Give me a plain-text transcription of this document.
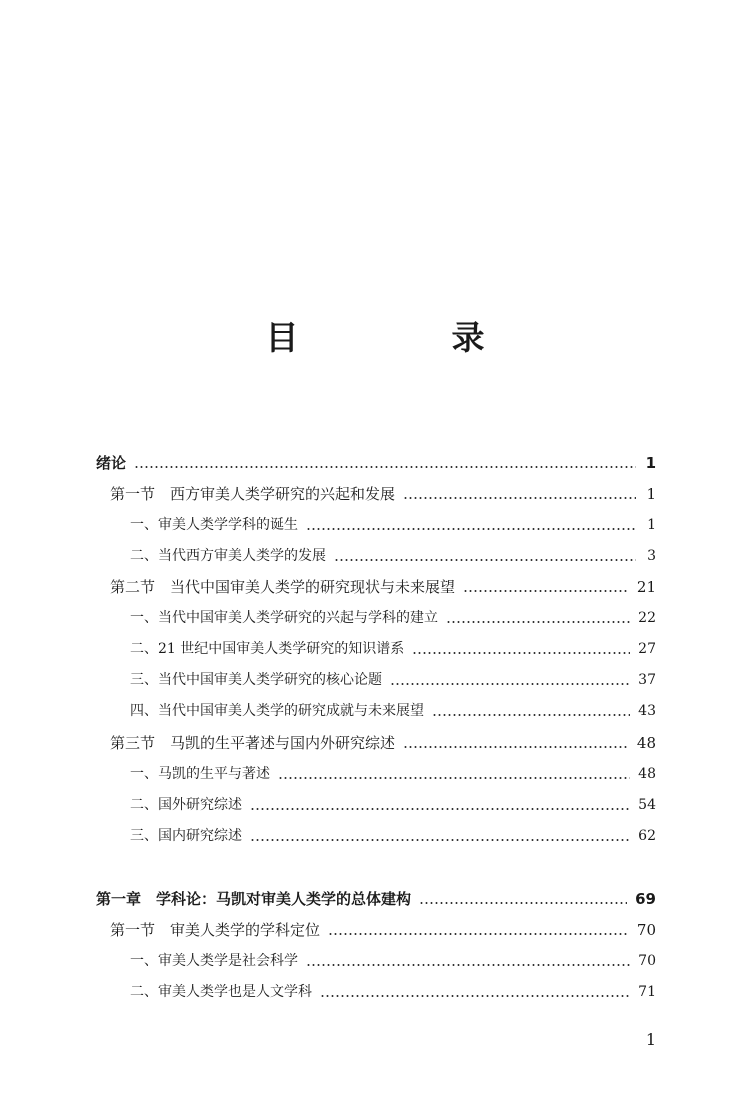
目　录
绪论	1
第一节　西方审美人类学研究的兴起和发展	1
一、审美人类学学科的诞生	1
二、当代西方审美人类学的发展	3
第二节　当代中国审美人类学的研究现状与未来展望	21
一、当代中国审美人类学研究的兴起与学科的建立	22
二、21 世纪中国审美人类学研究的知识谱系	27
三、当代中国审美人类学研究的核心论题	37
四、当代中国审美人类学的研究成就与未来展望	43
第三节　马凯的生平著述与国内外研究综述	48
一、马凯的生平与著述	48
二、国外研究综述	54
三、国内研究综述	62
第一章　学科论：马凯对审美人类学的总体建构	69
第一节　审美人类学的学科定位	70
一、审美人类学是社会科学	70
二、审美人类学也是人文学科	71
1
